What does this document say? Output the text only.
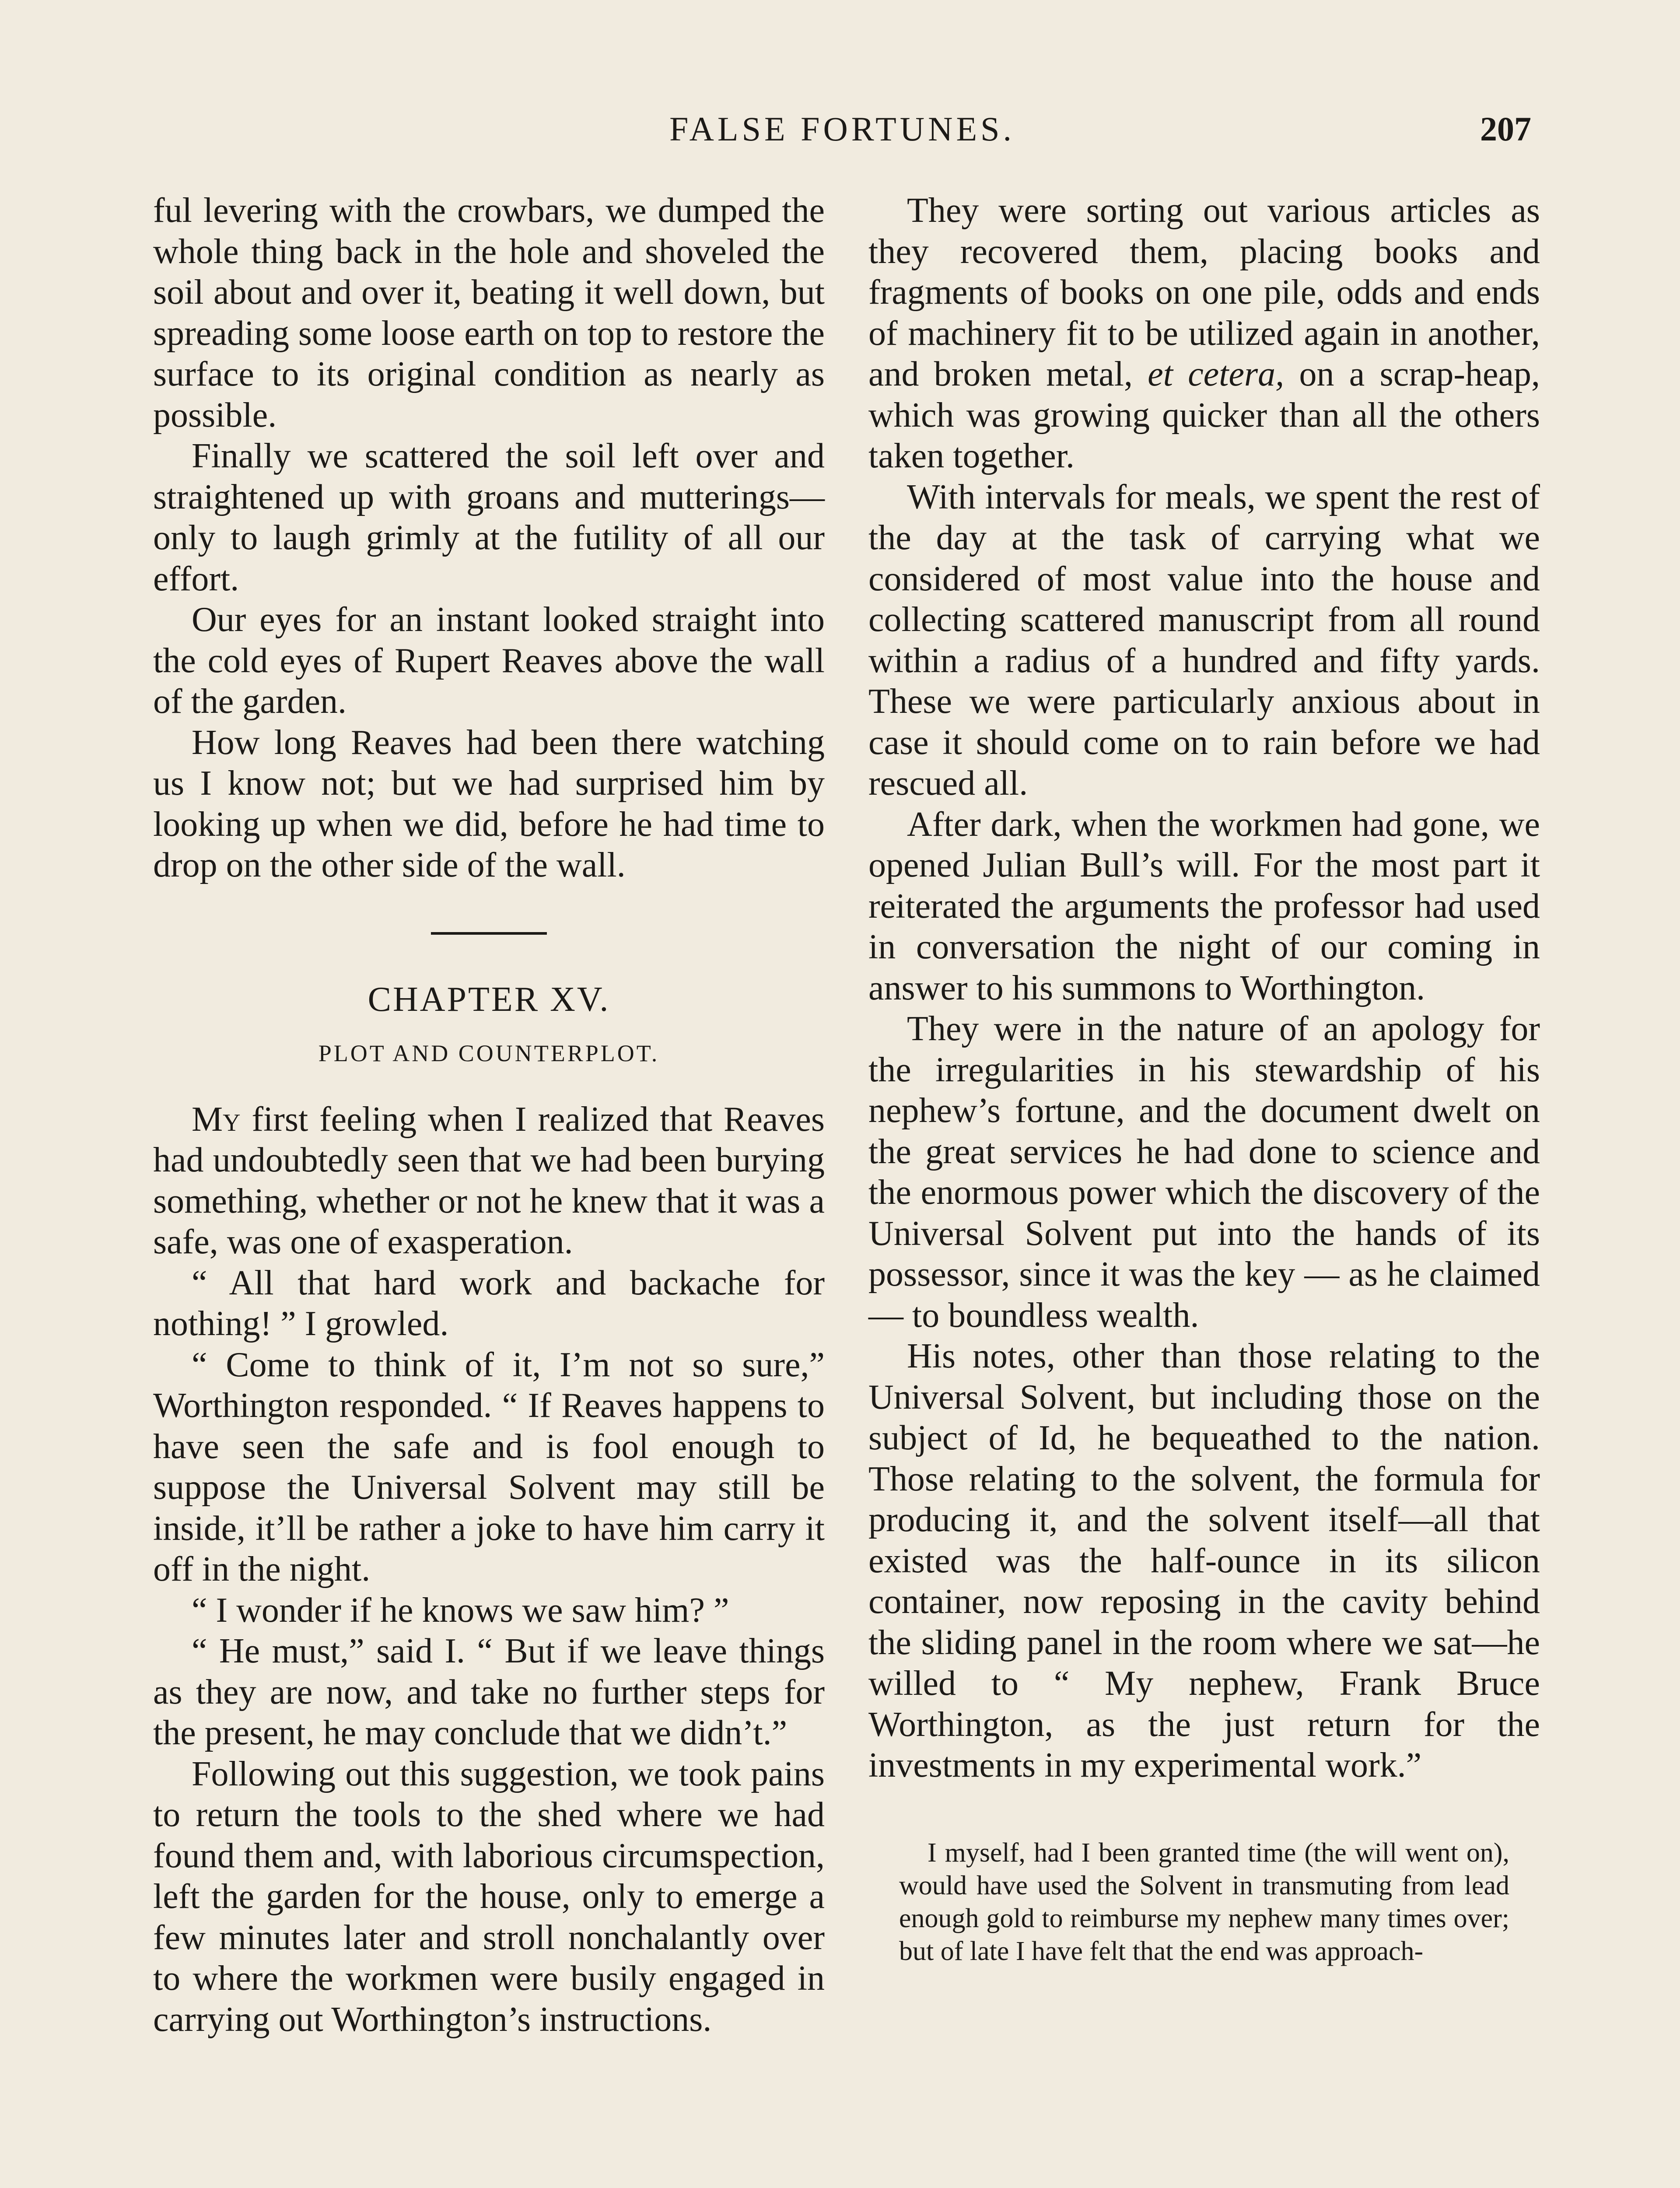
FALSE FORTUNES.	207

ful levering with the crowbars, we dumped the whole thing back in the hole and shoveled the soil about and over it, beating it well down, but spreading some loose earth on top to restore the surface to its original condition as nearly as possible.

Finally we scattered the soil left over and straightened up with groans and mutterings—only to laugh grimly at the futility of all our effort.

Our eyes for an instant looked straight into the cold eyes of Rupert Reaves above the wall of the garden.

How long Reaves had been there watching us I know not; but we had surprised him by looking up when we did, before he had time to drop on the other side of the wall.

CHAPTER XV.
PLOT AND COUNTERPLOT.

My first feeling when I realized that Reaves had undoubtedly seen that we had been burying something, whether or not he knew that it was a safe, was one of exasperation.

“ All that hard work and backache for nothing! ” I growled.

“ Come to think of it, I’m not so sure,” Worthington responded. “ If Reaves happens to have seen the safe and is fool enough to suppose the Universal Solvent may still be inside, it’ll be rather a joke to have him carry it off in the night.

“ I wonder if he knows we saw him? ”

“ He must,” said I. “ But if we leave things as they are now, and take no further steps for the present, he may conclude that we didn’t.”

Following out this suggestion, we took pains to return the tools to the shed where we had found them and, with laborious circumspection, left the garden for the house, only to emerge a few minutes later and stroll nonchalantly over to where the workmen were busily engaged in carrying out Worthington’s instructions.

They were sorting out various articles as they recovered them, placing books and fragments of books on one pile, odds and ends of machinery fit to be utilized again in another, and broken metal, et cetera, on a scrap-heap, which was growing quicker than all the others taken together.

With intervals for meals, we spent the rest of the day at the task of carrying what we considered of most value into the house and collecting scattered manuscript from all round within a radius of a hundred and fifty yards. These we were particularly anxious about in case it should come on to rain before we had rescued all.

After dark, when the workmen had gone, we opened Julian Bull’s will. For the most part it reiterated the arguments the professor had used in conversation the night of our coming in answer to his summons to Worthington.

They were in the nature of an apology for the irregularities in his stewardship of his nephew’s fortune, and the document dwelt on the great services he had done to science and the enormous power which the discovery of the Universal Solvent put into the hands of its possessor, since it was the key — as he claimed — to boundless wealth.

His notes, other than those relating to the Universal Solvent, but including those on the subject of Id, he bequeathed to the nation. Those relating to the solvent, the formula for producing it, and the solvent itself—all that existed was the half-ounce in its silicon container, now reposing in the cavity behind the sliding panel in the room where we sat—he willed to “ My nephew, Frank Bruce Worthington, as the just return for the investments in my experimental work.”

I myself, had I been granted time (the will went on), would have used the Solvent in transmuting from lead enough gold to reimburse my nephew many times over; but of late I have felt that the end was approach-
